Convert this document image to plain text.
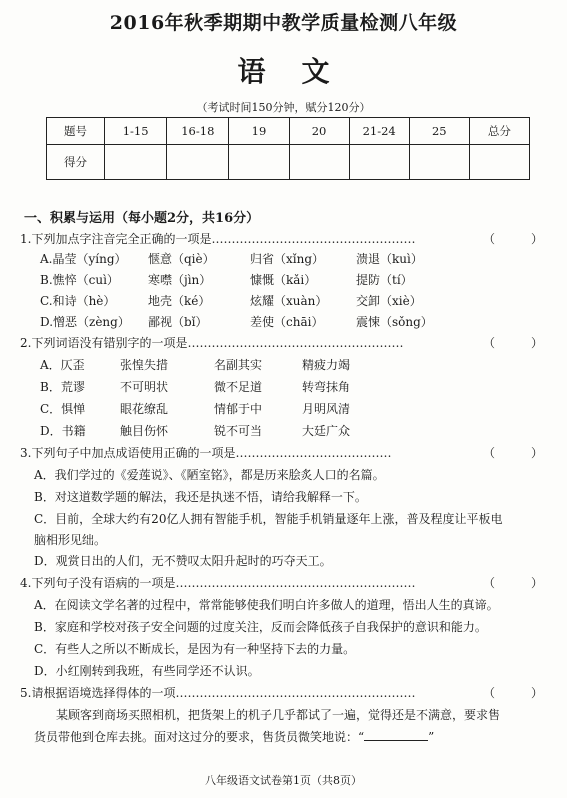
2016年秋季期期中教学质量检测八年级
语文
（考试时间150分钟，赋分120分）
题号	1-15	16-18	19	20	21-24	25	总分
得分							
一、积累与运用（每小题2分，共16分）
1.下列加点字注音完全正确的一项是……………………………………………	（　　　）
A.晶莹（yíng） 惬意（qiè）	归省（xǐng）	溃退（kuì）
B.憔悴（cuì） 寒噤（jìn）	慷慨（kǎi）	提防（tí）
C.和诗（hè）	地壳（ké）	炫耀（xuàn） 交卸（xiè）
D.憎恶（zèng） 鄙视（bǐ）	差使（chāi）	震悚（sǒng）
2.下列词语没有错别字的一项是………………………………………………	（　　　）
A．仄歪	张惶失措	名副其实	精疲力竭
B．荒谬	不可明状	微不足道	转弯抹角
C．惧惮	眼花缭乱	情郁于中	月明风清
D．书籍	触目伤怀	锐不可当	大廷广众
3.下列句子中加点成语使用正确的一项是…………………………………	（　　　）
A．我们学过的《爱莲说》、《陋室铭》，都是历来脍炙人口的名篇。
B．对这道数学题的解法，我还是执迷不悟，请给我解释一下。
C．目前，全球大约有20亿人拥有智能手机，智能手机销量逐年上涨，普及程度让平板电
脑相形见绌。
D．观赏日出的人们，无不赞叹太阳升起时的巧夺天工。
4.下列句子没有语病的一项是……………………………………………………	（　　　）
A．在阅读文学名著的过程中，常常能够使我们明白许多做人的道理，悟出人生的真谛。
B．家庭和学校对孩子安全问题的过度关注，反而会降低孩子自我保护的意识和能力。
C．有些人之所以不断成长，是因为有一种坚持下去的力量。
D．小红刚转到我班，有些同学还不认识。
5.请根据语境选择得体的一项……………………………………………………	（　　　）
某顾客到商场买照相机，把货架上的机子几乎都试了一遍，觉得还是不满意，要求售
货员带他到仓库去挑。面对这过分的要求，售货员微笑地说：“	”
八年级语文试卷第1页（共8页）
